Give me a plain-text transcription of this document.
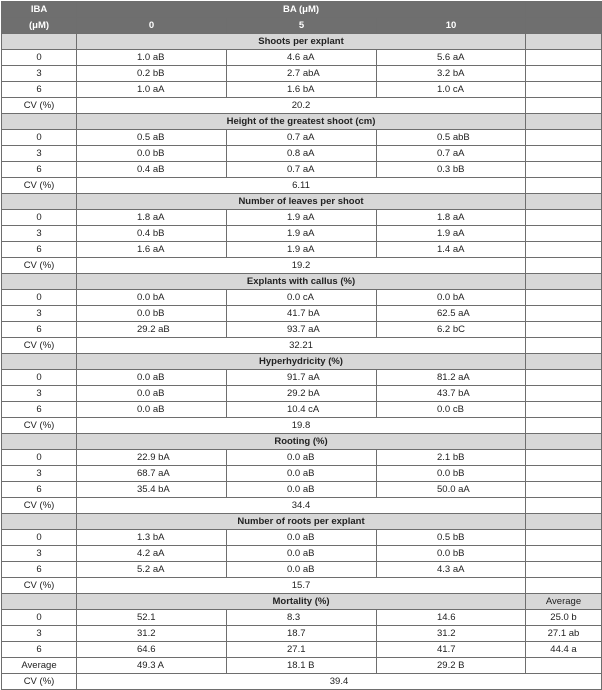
IBA	BA (μM)			
(μM)	0	5	10	
	Shoots per explant			
0	1.0 aB	4.6 aA	5.6 aA	
3	0.2 bB	2.7 abA	3.2 bA	
6	1.0 aA	1.6 bA	1.0 cA	
CV (%)	20.2			
	Height of the greatest shoot (cm)			
0	0.5 aB	0.7 aA	0.5 abB	
3	0.0 bB	0.8 aA	0.7 aA	
6	0.4 aB	0.7 aA	0.3 bB	
CV (%)	6.11			
	Number of leaves per shoot			
0	1.8 aA	1.9 aA	1.8 aA	
3	0.4 bB	1.9 aA	1.9 aA	
6	1.6 aA	1.9 aA	1.4 aA	
CV (%)	19.2			
	Explants with callus (%)			
0	0.0 bA	0.0 cA	0.0 bA	
3	0.0 bB	41.7 bA	62.5 aA	
6	29.2 aB	93.7 aA	6.2 bC	
CV (%)	32.21			
	Hyperhydricity (%)			
0	0.0 aB	91.7 aA	81.2 aA	
3	0.0 aB	29.2 bA	43.7 bA	
6	0.0 aB	10.4 cA	0.0 cB	
CV (%)	19.8			
	Rooting (%)			
0	22.9 bA	0.0 aB	2.1 bB	
3	68.7 aA	0.0 aB	0.0 bB	
6	35.4 bA	0.0 aB	50.0 aA	
CV (%)	34.4			
	Number of roots per explant			
0	1.3 bA	0.0 aB	0.5 bB	
3	4.2 aA	0.0 aB	0.0 bB	
6	5.2 aA	0.0 aB	4.3 aA	
CV (%)	15.7			
	Mortality (%)			Average
0	52.1	8.3	14.6	25.0 b
3	31.2	18.7	31.2	27.1 ab
6	64.6	27.1	41.7	44.4 a
Average	49.3 A	18.1 B	29.2 B	
CV (%)	39.4			
